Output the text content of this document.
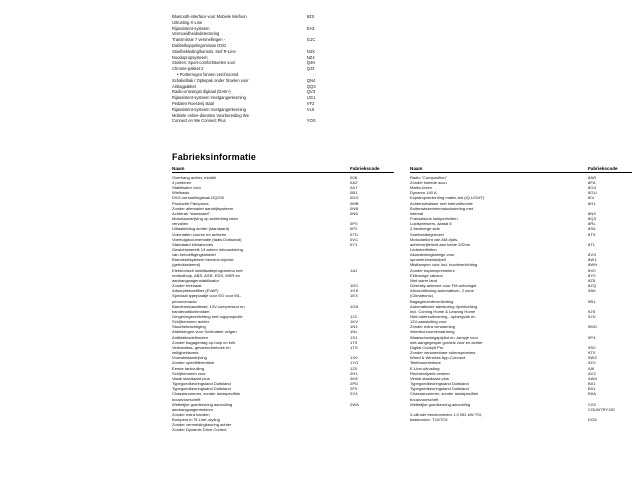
Bluetooth-interface voor Mobiele telefoon	9ZX
Uitrusting X-Line	
Rijassistent-systeem	EH1
Vermoeidheidsdetectering	
Transmissie 7 versnellingen -	G1C
Dubbelkoppelingsmissie DSG	
Stoelbekleding/kunstst. Stof R-Line	N3X
Noodopropsysteem	NZ4
Stoelen: Sport-comfortstoelen voor	Q4H
Chrome-pakket 2	QJ3
• Portierregen binnen verchroomd	
Schakelbak / Optiepak onder Stoelen voor	QN4
Airbagpakket	QQ3
Radio-ontvangst digitaal (DAB+)	QV3
Rijassistent-systeem Voetgangerkenning	UG1
Pedalen Roestvrij staal	VF2
Rijassistent-systeem Voetgangerkenning	VL6
Mobiele online-diensten Voorbereiding We	
Connect en We Connect Plus	YOS
Fabrieksinformatie
Naam	Fabriekscode
Overhang achter, middel	008
4 portieren	0A2
Stabilisator vóór	0A7
Wielbasis	0B1
DSG-versnellingsbak DQ200	0DG
Productie Pamplona	0MB
Zonder alternatief aandrijfsysteem	0NB
Achteras "standaard"	0N6
Motorlaandrijving op achterkleg laten	
vervallen	0P0
Uitlaatleiding achter (standaard)	0P2
Voernatten vooren en achterin	0TD
Voertuigdocumentatie (taals Duitsland)	0VC
Standaard klimatzones	0Y1
Gewichtsbereik 13 arteen inbouwtuiring	
van behoeftigingsmiddel	
Brandstofsysteem benzine-injectie	
(getrokkeleemt)	
Elektronisch stabilisatieprogramma met	1AJ
rembalhulp, ABS, ASR, EDS, MSR en	
aanhangwagenstabilisator	
Zonder trekhaak	1D0
Adsorptiekoelfilter (EVAP)	1G9
Speciaal typeplaatje voor EG voor M1-	1EX
personenauto	
Bandenreparatieset; 12V-compressor en	1G8
bandenafdichtmiddel	
Omgevingsverlichting met logoprojectie	1J2
Schijfremmen achter	1KV
Stuurbekrachtiging	1N1
Afdekkingen voor Schimatee velgen	1NL
Antiblatiewielbouten	1S1
Zonder bagagedrag op-hulp en krik	1T9
Verbandtas, gevarendriehoek en	1TS
veiligheidsvest	
Voorwielaandrijving	1X0
Zonder speelifferentieel	1YG
Eerste tankvulling	1Z0
Schijfremmen voor	2H1
Vaste standaard plus	2K8
Typegoedkeuringsland Duitsland	2PD
Typegoedkeuringsland Duitsland	2F0
Chassisnummer, zonder landspecifiek	2V3
bouwvoorschrift	
Wettelijke goedkeuring aanvulling	2WA
aanhangwagentrekken	
Zonder extra banden	
Bumpers in 'R-Line'-styling	
Zonder vermeldingkeuring achter	
Zonder Dynamic Drive Control	
Naam	Fabriekscode
Radio "Composition"	8AR
Zonder tweede accu	8FA
Matrix-lezen	8G4
Dynamo 140 A	8GU
Koplampverlichting matrix-led (IQ.LIGHT)	8IV
Achterruitwisser met intervalfunctie	8H1
Buitenwisserintervalschakeling met	
interval	8N9
Franszische kekiperlichten	8Q3
Luidspreiwers, aantal 6	8RL
2-bezieerge side	8S6
Snelheidbegrenzer	8T9
Motoclarlicht van AM-rijdis,	
achtendrijfelicht aan beide 2/Dhm	8TL
Lederkerfkitten	
Akoestiwlingkamige voor	8VG
sproeiervloeistofpeil	8W1
Mistlampen vóór incl. bochtverlichting	8WH
Zonder koplampreinelers	8X0
Eklinlorige cänson	8Y0
Niet warm land	8Z5
Diversity-antenne voor FM-ontvangst	8ZQ
Airconditioning automatisch, 2 zone	9AK
(Climatronic)	
Bagageruimteverlichting	9B1
Automatische aansturing rijverlichting	
incl. Coming Home & Leaving Home	9JS
Niet-rokersuitvoering - opbergvak en	9JD
12V-aansluiting voor	
Zonder extra verwarming	9MG
/interieurvoorverwarming	
Waarschuwingspijdsd en -lampje voor	9P4
niet-aangegespte gordels vóór en achter	
Digital Cockpit Pro	9S0
Zonder verwarmbare ruitensproeiers	9T0
Wired & WireAss App-Connect	9WZ
Telefooninterface	9ZX
E-Line-uitrusting	A9I
Rechterzijzeid verkeer	AV3
Versie standaard plus	AW4
Typegoedkeuringsland Duitsland	B01
Typegoedkeuringsland Duitsland	B01
Chassisnummer, zonder landspecifiek	B0A
bouwvoorschrift	
Wettelijke goedkeuring aanvulling	C03
	COUNTRY:DE
3-cilinder benzinemotor 1,0 I/81 kW TSI,	
basismotor: TJ4/TC5	DG8
